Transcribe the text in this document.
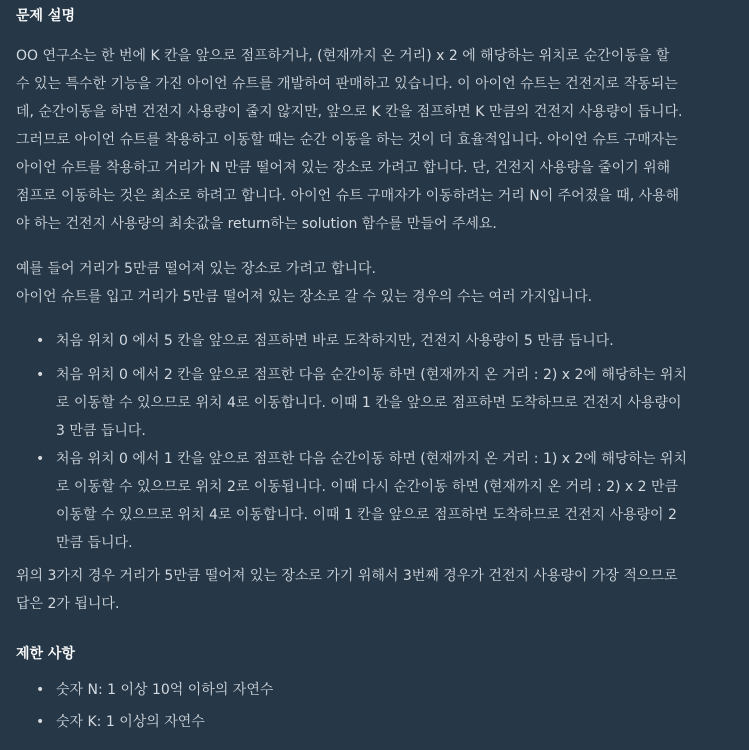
문제 설명

OO 연구소는 한 번에 K 칸을 앞으로 점프하거나, (현재까지 온 거리) x 2 에 해당하는 위치로 순간이동을 할
수 있는 특수한 기능을 가진 아이언 슈트를 개발하여 판매하고 있습니다. 이 아이언 슈트는 건전지로 작동되는
데, 순간이동을 하면 건전지 사용량이 줄지 않지만, 앞으로 K 칸을 점프하면 K 만큼의 건전지 사용량이 듭니다.
그러므로 아이언 슈트를 착용하고 이동할 때는 순간 이동을 하는 것이 더 효율적입니다. 아이언 슈트 구매자는
아이언 슈트를 착용하고 거리가 N 만큼 떨어져 있는 장소로 가려고 합니다. 단, 건전지 사용량을 줄이기 위해
점프로 이동하는 것은 최소로 하려고 합니다. 아이언 슈트 구매자가 이동하려는 거리 N이 주어졌을 때, 사용해
야 하는 건전지 사용량의 최솟값을 return하는 solution 함수를 만들어 주세요.

예를 들어 거리가 5만큼 떨어져 있는 장소로 가려고 합니다.
아이언 슈트를 입고 거리가 5만큼 떨어져 있는 장소로 갈 수 있는 경우의 수는 여러 가지입니다.

• 처음 위치 0 에서 5 칸을 앞으로 점프하면 바로 도착하지만, 건전지 사용량이 5 만큼 듭니다.
• 처음 위치 0 에서 2 칸을 앞으로 점프한 다음 순간이동 하면 (현재까지 온 거리 : 2) x 2에 해당하는 위치
로 이동할 수 있으므로 위치 4로 이동합니다. 이때 1 칸을 앞으로 점프하면 도착하므로 건전지 사용량이
3 만큼 듭니다.
• 처음 위치 0 에서 1 칸을 앞으로 점프한 다음 순간이동 하면 (현재까지 온 거리 : 1) x 2에 해당하는 위치
로 이동할 수 있으므로 위치 2로 이동됩니다. 이때 다시 순간이동 하면 (현재까지 온 거리 : 2) x 2 만큼
이동할 수 있으므로 위치 4로 이동합니다. 이때 1 칸을 앞으로 점프하면 도착하므로 건전지 사용량이 2
만큼 듭니다.

위의 3가지 경우 거리가 5만큼 떨어져 있는 장소로 가기 위해서 3번째 경우가 건전지 사용량이 가장 적으므로
답은 2가 됩니다.

제한 사항
• 숫자 N: 1 이상 10억 이하의 자연수
• 숫자 K: 1 이상의 자연수
